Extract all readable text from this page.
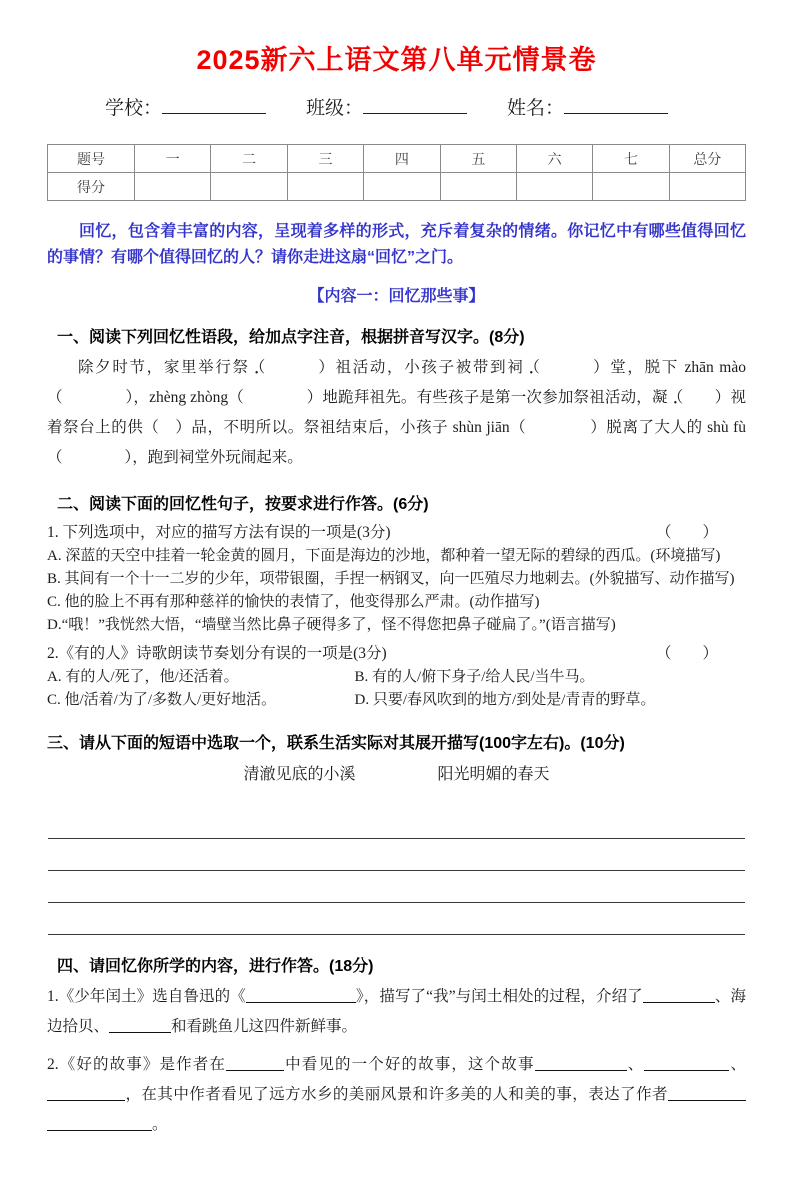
2025新六上语文第八单元情景卷
学校：	班级：	姓名：
题号	一	二	三	四	五	六	七	总分
得分								

回忆，包含着丰富的内容，呈现着多样的形式，充斥着复杂的情绪。你记忆中有哪些值得回忆的事情？有哪个值得回忆的人？请你走进这扇“回忆”之门。

【内容一：回忆那些事】

一、阅读下列回忆性语段，给加点字注音，根据拼音写汉字。(8分)

除夕时节，家里举行祭（　　　）祖活动，小孩子被带到祠（　　　）堂，脱下 zhān mào（　　　　），zhèng zhòng（　　　　）地跪拜祖先。有些孩子是第一次参加祭祖活动，凝（　　）视着祭台上的供（　）品，不明所以。祭祖结束后，小孩子 shùn jiān（　　　　）脱离了大人的 shù fù（　　　　），跑到祠堂外玩闹起来。

二、阅读下面的回忆性句子，按要求进行作答。(6分)
1. 下列选项中，对应的描写方法有误的一项是(3分)	（　　）
A. 深蓝的天空中挂着一轮金黄的圆月，下面是海边的沙地，都种着一望无际的碧绿的西瓜。(环境描写)
B. 其间有一个十一二岁的少年，项带银圈，手捏一柄钢叉，向一匹殖尽力地刺去。(外貌描写、动作描写)
C. 他的脸上不再有那种慈祥的愉快的表情了，他变得那么严肃。(动作描写)
D.“哦！”我恍然大悟，“墙壁当然比鼻子硬得多了，怪不得您把鼻子碰扁了。”(语言描写)
2.《有的人》诗歌朗读节奏划分有误的一项是(3分)	（　　）
A. 有的人/死了，他/还活着。	B. 有的人/俯下身子/给人民/当牛马。
C. 他/活着/为了/多数人/更好地活。	D. 只要/春风吹到的地方/到处是/青青的野草。
三、请从下面的短语中选取一个，联系生活实际对其展开描写(100字左右)。(10分)
清澈见底的小溪	阳光明媚的春天
四、请回忆你所学的内容，进行作答。(18分)

1.《少年闰土》选自鲁迅的《	》，描写了“我”与闰土相处的过程，介绍了	、海边拾贝、	和看跳鱼儿这四件新鲜事。

2.《好的故事》是作者在	中看见的一个好的故事，这个故事	、	、，在其中作者看见了远方水乡的美丽风景和许多美的人和美的事，表达了作者。
